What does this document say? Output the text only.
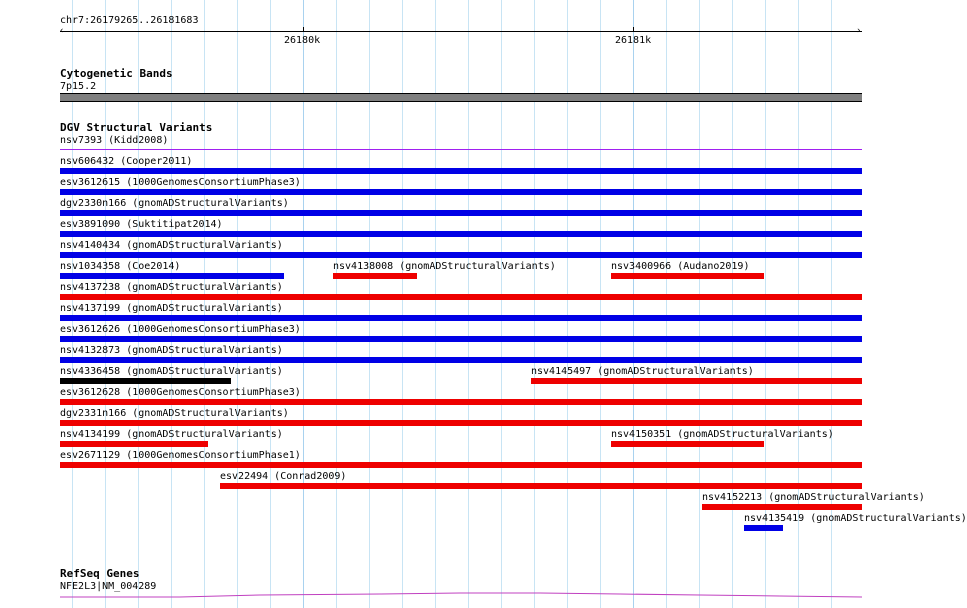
chr7:26179265..26181683
‹	›
26180k	26181k
Cytogenetic Bands
7p15.2
DGV Structural Variants
nsv7393 (Kidd2008)
nsv606432 (Cooper2011)
esv3612615 (1000GenomesConsortiumPhase3)
dgv2330n166 (gnomADStructuralVariants)
esv3891090 (Suktitipat2014)
nsv4140434 (gnomADStructuralVariants)
nsv1034358 (Coe2014)	nsv4138008 (gnomADStructuralVariants)	nsv3400966 (Audano2019)
nsv4137238 (gnomADStructuralVariants)
nsv4137199 (gnomADStructuralVariants)
esv3612626 (1000GenomesConsortiumPhase3)
nsv4132873 (gnomADStructuralVariants)
nsv4336458 (gnomADStructuralVariants)	nsv4145497 (gnomADStructuralVariants)
esv3612628 (1000GenomesConsortiumPhase3)
dgv2331n166 (gnomADStructuralVariants)
nsv4134199 (gnomADStructuralVariants)	nsv4150351 (gnomADStructuralVariants)
esv2671129 (1000GenomesConsortiumPhase1)
esv22494 (Conrad2009)
nsv4152213 (gnomADStructuralVariants)
nsv4135419 (gnomADStructuralVariants)
RefSeq Genes
NFE2L3|NM_004289
